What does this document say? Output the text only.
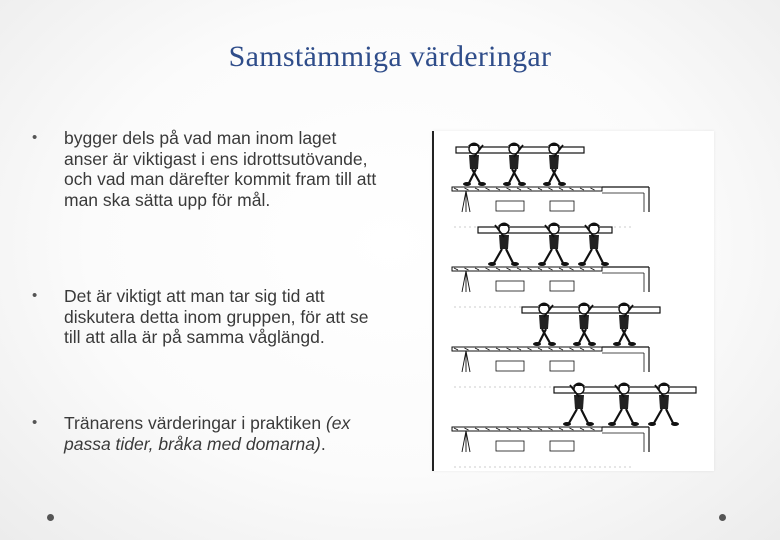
Samstämmiga värderingar
• bygger dels på vad man inom laget anser är viktigast i ens idrottsutövande, och vad man därefter kommit fram till att man ska sätta upp för mål.
• Det är viktigt att man tar sig tid att diskutera detta inom gruppen, för att se till att alla är på samma våglängd.
• Tränarens värderingar i praktiken (ex passa tider, bråka med domarna).
